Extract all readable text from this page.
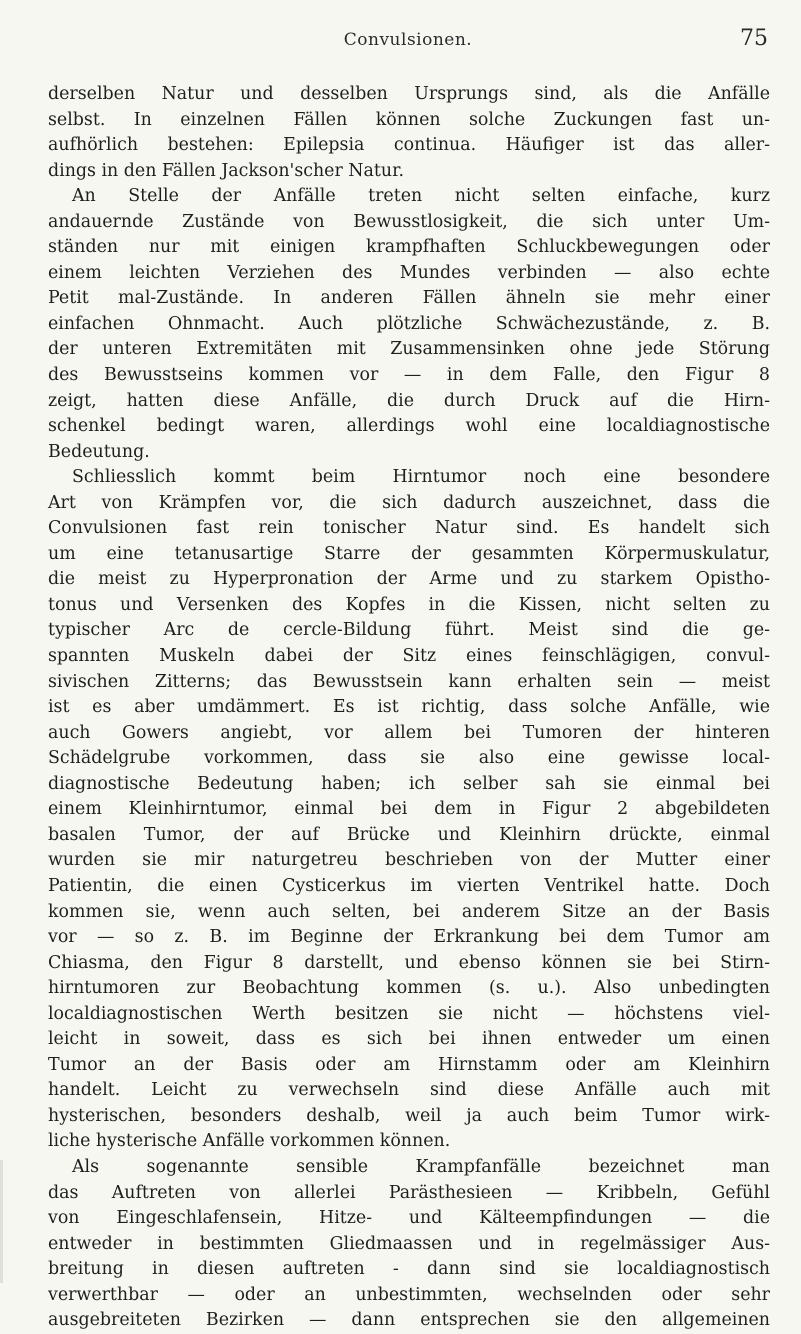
Convulsionen.	75
derselben Natur und desselben Ursprungs sind, als die Anfälle
selbst. In einzelnen Fällen können solche Zuckungen fast un-
aufhörlich bestehen: Epilepsia continua. Häufiger ist das aller-
dings in den Fällen Jackson'scher Natur.
An Stelle der Anfälle treten nicht selten einfache, kurz
andauernde Zustände von Bewusstlosigkeit, die sich unter Um-
ständen nur mit einigen krampfhaften Schluckbewegungen oder
einem leichten Verziehen des Mundes verbinden — also echte
Petit mal-Zustände. In anderen Fällen ähneln sie mehr einer
einfachen Ohnmacht. Auch plötzliche Schwächezustände, z. B.
der unteren Extremitäten mit Zusammensinken ohne jede Störung
des Bewusstseins kommen vor — in dem Falle, den Figur 8
zeigt, hatten diese Anfälle, die durch Druck auf die Hirn-
schenkel bedingt waren, allerdings wohl eine localdiagnostische
Bedeutung.
Schliesslich kommt beim Hirntumor noch eine besondere
Art von Krämpfen vor, die sich dadurch auszeichnet, dass die
Convulsionen fast rein tonischer Natur sind. Es handelt sich
um eine tetanusartige Starre der gesammten Körpermuskulatur,
die meist zu Hyperpronation der Arme und zu starkem Opistho-
tonus und Versenken des Kopfes in die Kissen, nicht selten zu
typischer Arc de cercle-Bildung führt. Meist sind die ge-
spannten Muskeln dabei der Sitz eines feinschlägigen, convul-
sivischen Zitterns; das Bewusstsein kann erhalten sein — meist
ist es aber umdämmert. Es ist richtig, dass solche Anfälle, wie
auch Gowers angiebt, vor allem bei Tumoren der hinteren
Schädelgrube vorkommen, dass sie also eine gewisse local-
diagnostische Bedeutung haben; ich selber sah sie einmal bei
einem Kleinhirntumor, einmal bei dem in Figur 2 abgebildeten
basalen Tumor, der auf Brücke und Kleinhirn drückte, einmal
wurden sie mir naturgetreu beschrieben von der Mutter einer
Patientin, die einen Cysticerkus im vierten Ventrikel hatte. Doch
kommen sie, wenn auch selten, bei anderem Sitze an der Basis
vor — so z. B. im Beginne der Erkrankung bei dem Tumor am
Chiasma, den Figur 8 darstellt, und ebenso können sie bei Stirn-
hirntumoren zur Beobachtung kommen (s. u.). Also unbedingten
localdiagnostischen Werth besitzen sie nicht — höchstens viel-
leicht in soweit, dass es sich bei ihnen entweder um einen
Tumor an der Basis oder am Hirnstamm oder am Kleinhirn
handelt. Leicht zu verwechseln sind diese Anfälle auch mit
hysterischen, besonders deshalb, weil ja auch beim Tumor wirk-
liche hysterische Anfälle vorkommen können.
Als sogenannte sensible Krampfanfälle bezeichnet man
das Auftreten von allerlei Parästhesieen — Kribbeln, Gefühl
von Eingeschlafensein, Hitze- und Kälteempfindungen — die
entweder in bestimmten Gliedmaassen und in regelmässiger Aus-
breitung in diesen auftreten - dann sind sie localdiagnostisch
verwerthbar — oder an unbestimmten, wechselnden oder sehr
ausgebreiteten Bezirken — dann entsprechen sie den allgemeinen
